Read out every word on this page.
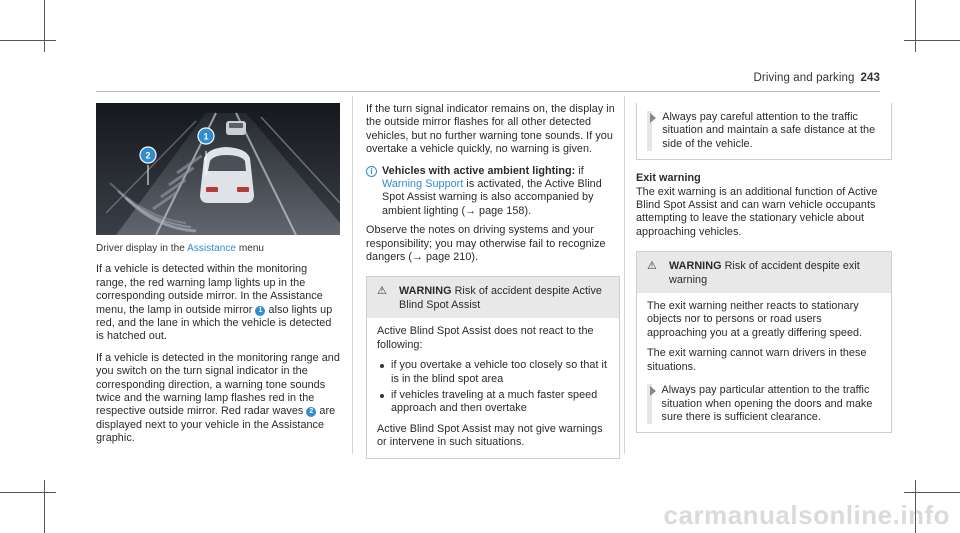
Driving and parking 243
1
2
Driver display in the Assistance menu

If a vehicle is detected within the monitoring range, the red warning lamp lights up in the corresponding outside mirror. In the Assistance menu, the lamp in outside mirror 1 also lights up red, and the lane in which the vehicle is detected is hatched out.

If a vehicle is detected in the monitoring range and you switch on the turn signal indicator in the corresponding direction, a warning tone sounds twice and the warning lamp flashes red in the respective outside mirror. Red radar waves 2 are displayed next to your vehicle in the Assistance graphic.

If the turn signal indicator remains on, the display in the outside mirror flashes for all other detected vehicles, but no further warning tone sounds. If you overtake a vehicle quickly, no warning is given.

i Vehicles with active ambient lighting: if
Warning Support is activated, the Active Blind Spot Assist warning is also accompanied by ambient lighting (→ page 158).

Observe the notes on driving systems and your responsibility; you may otherwise fail to recognize dangers (→ page 210).

⚠	WARNING Risk of accident despite Active Blind Spot Assist

Active Blind Spot Assist does not react to the following:

if you overtake a vehicle too closely so that it is in the blind spot area
if vehicles traveling at a much faster speed approach and then overtake

Active Blind Spot Assist may not give warnings or intervene in such situations.

Always pay careful attention to the traffic situation and maintain a safe distance at the side of the vehicle.

Exit warning

The exit warning is an additional function of Active Blind Spot Assist and can warn vehicle occupants attempting to leave the stationary vehicle about approaching vehicles.

⚠	WARNING Risk of accident despite exit warning

The exit warning neither reacts to stationary objects nor to persons or road users approaching you at a greatly differing speed.

The exit warning cannot warn drivers in these situations.

Always pay particular attention to the traffic situation when opening the doors and make sure there is sufficient clearance.
carmanualsonline.info
